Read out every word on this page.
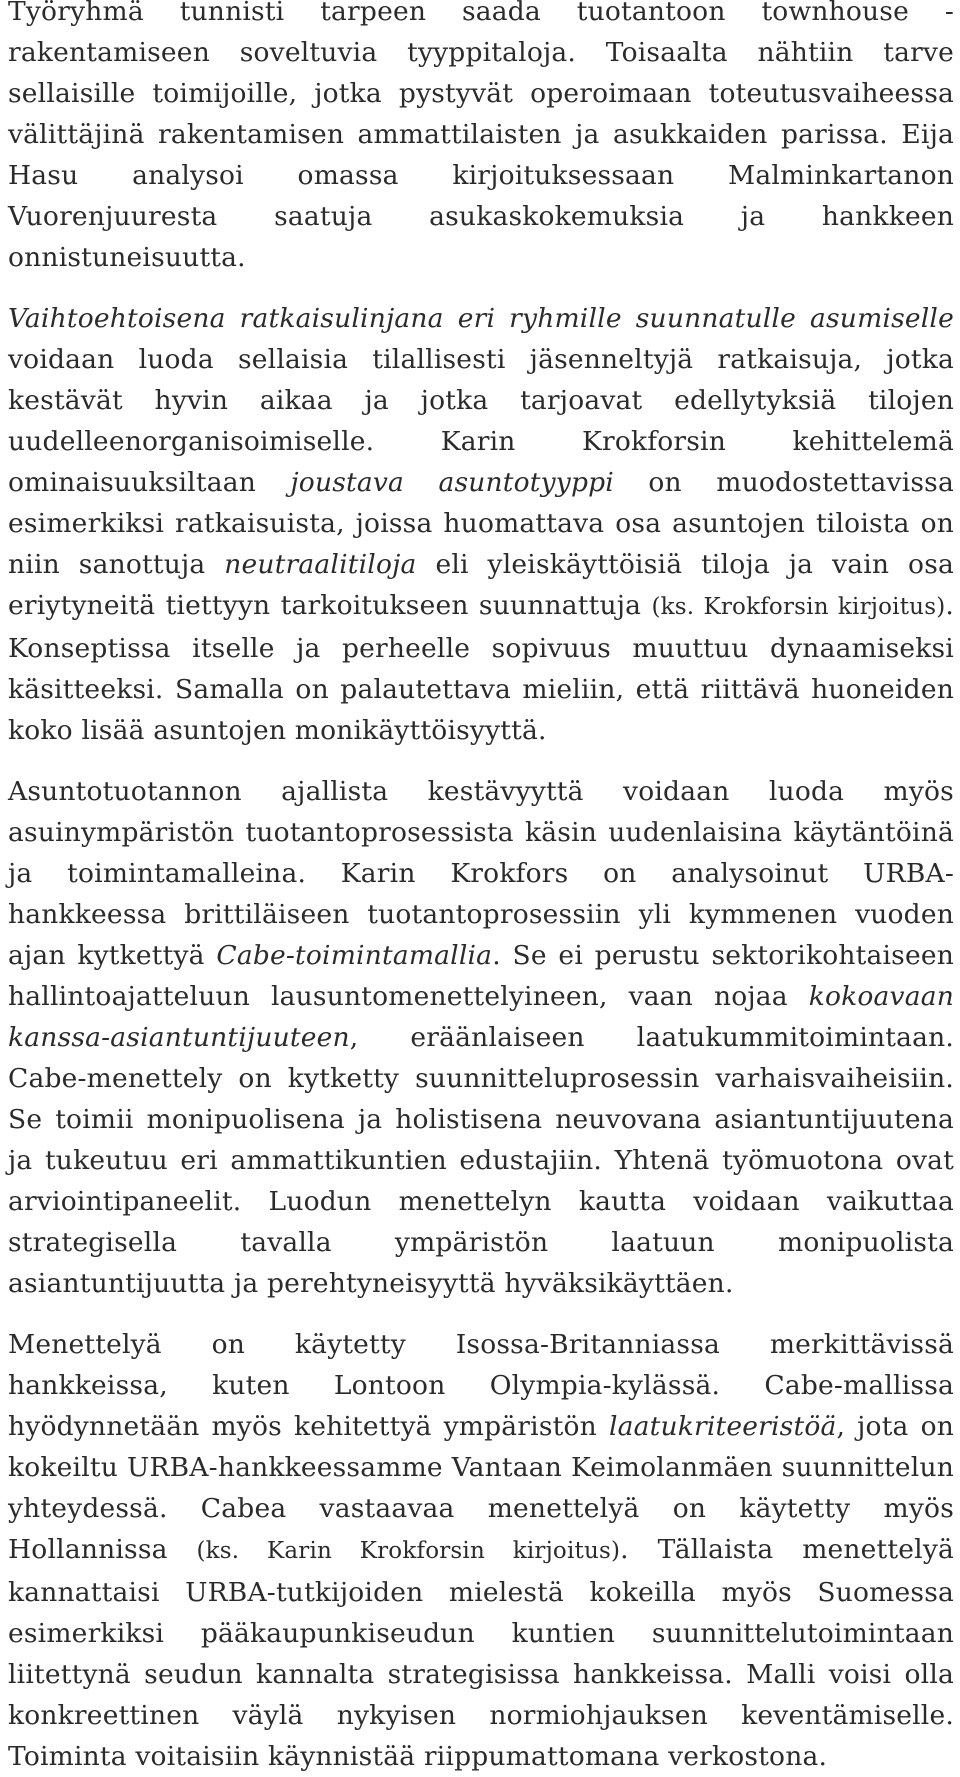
Työryhmä tunnisti tarpeen saada tuotantoon townhouse -rakentamiseen soveltuvia tyyppitaloja. Toisaalta nähtiin tarve sellaisille toimijoille, jotka pystyvät operoimaan toteutusvaiheessa välittäjinä rakentamisen ammattilaisten ja asukkaiden parissa. Eija Hasu analysoi omassa kirjoituksessaan Malminkartanon Vuorenjuuresta saatuja asukaskokemuksia ja hankkeen onnistuneisuutta.

Vaihtoehtoisena ratkaisulinjana eri ryhmille suunnatulle asumiselle voidaan luoda sellaisia tilallisesti jäsenneltyjä ratkaisuja, jotka kestävät hyvin aikaa ja jotka tarjoavat edellytyksiä tilojen uudelleenorganisoimiselle. Karin Krokforsin kehittelemä ominaisuuksiltaan joustava asuntotyyppi on muodostettavissa esimerkiksi ratkaisuista, joissa huomattava osa asuntojen tiloista on niin sanottuja neutraalitiloja eli yleiskäyttöisiä tiloja ja vain osa eriytyneitä tiettyyn tarkoitukseen suunnattuja (ks. Krokforsin kirjoitus). Konseptissa itselle ja perheelle sopivuus muuttuu dynaamiseksi käsitteeksi. Samalla on palautettava mieliin, että riittävä huoneiden koko lisää asuntojen monikäyttöisyyttä.

Asuntotuotannon ajallista kestävyyttä voidaan luoda myös asuinympäristön tuotantoprosessista käsin uudenlaisina käytäntöinä ja toimintamalleina. Karin Krokfors on analysoinut URBA-hankkeessa brittiläiseen tuotantoprosessiin yli kymmenen vuoden ajan kytkettyä Cabe-toimintamallia. Se ei perustu sektorikohtaiseen hallintoajatteluun lausuntomenettelyineen, vaan nojaa kokoavaan kanssa-asiantuntijuuteen, eräänlaiseen laatukummitoimintaan. Cabe-menettely on kytketty suunnitteluprosessin varhaisvaiheisiin. Se toimii monipuolisena ja holistisena neuvovana asiantuntijuutena ja tukeutuu eri ammattikuntien edustajiin. Yhtenä työmuotona ovat arviointipaneelit. Luodun menettelyn kautta voidaan vaikuttaa strategisella tavalla ympäristön laatuun monipuolista asiantuntijuutta ja perehtyneisyyttä hyväksikäyttäen.

Menettelyä on käytetty Isossa-Britanniassa merkittävissä hankkeissa, kuten Lontoon Olympia-kylässä. Cabe-mallissa hyödynnetään myös kehitettyä ympäristön laatukriteeristöä, jota on kokeiltu URBA-hankkeessamme Vantaan Keimolanmäen suunnittelun yhteydessä. Cabea vastaavaa menettelyä on käytetty myös Hollannissa (ks. Karin Krokforsin kirjoitus). Tällaista menettelyä kannattaisi URBA-tutkijoiden mielestä kokeilla myös Suomessa esimerkiksi pääkaupunkiseudun kuntien suunnittelutoimintaan liitettynä seudun kannalta strategisissa hankkeissa. Malli voisi olla konkreettinen väylä nykyisen normiohjauksen keventämiselle. Toiminta voitaisiin käynnistää riippumattomana verkostona.
